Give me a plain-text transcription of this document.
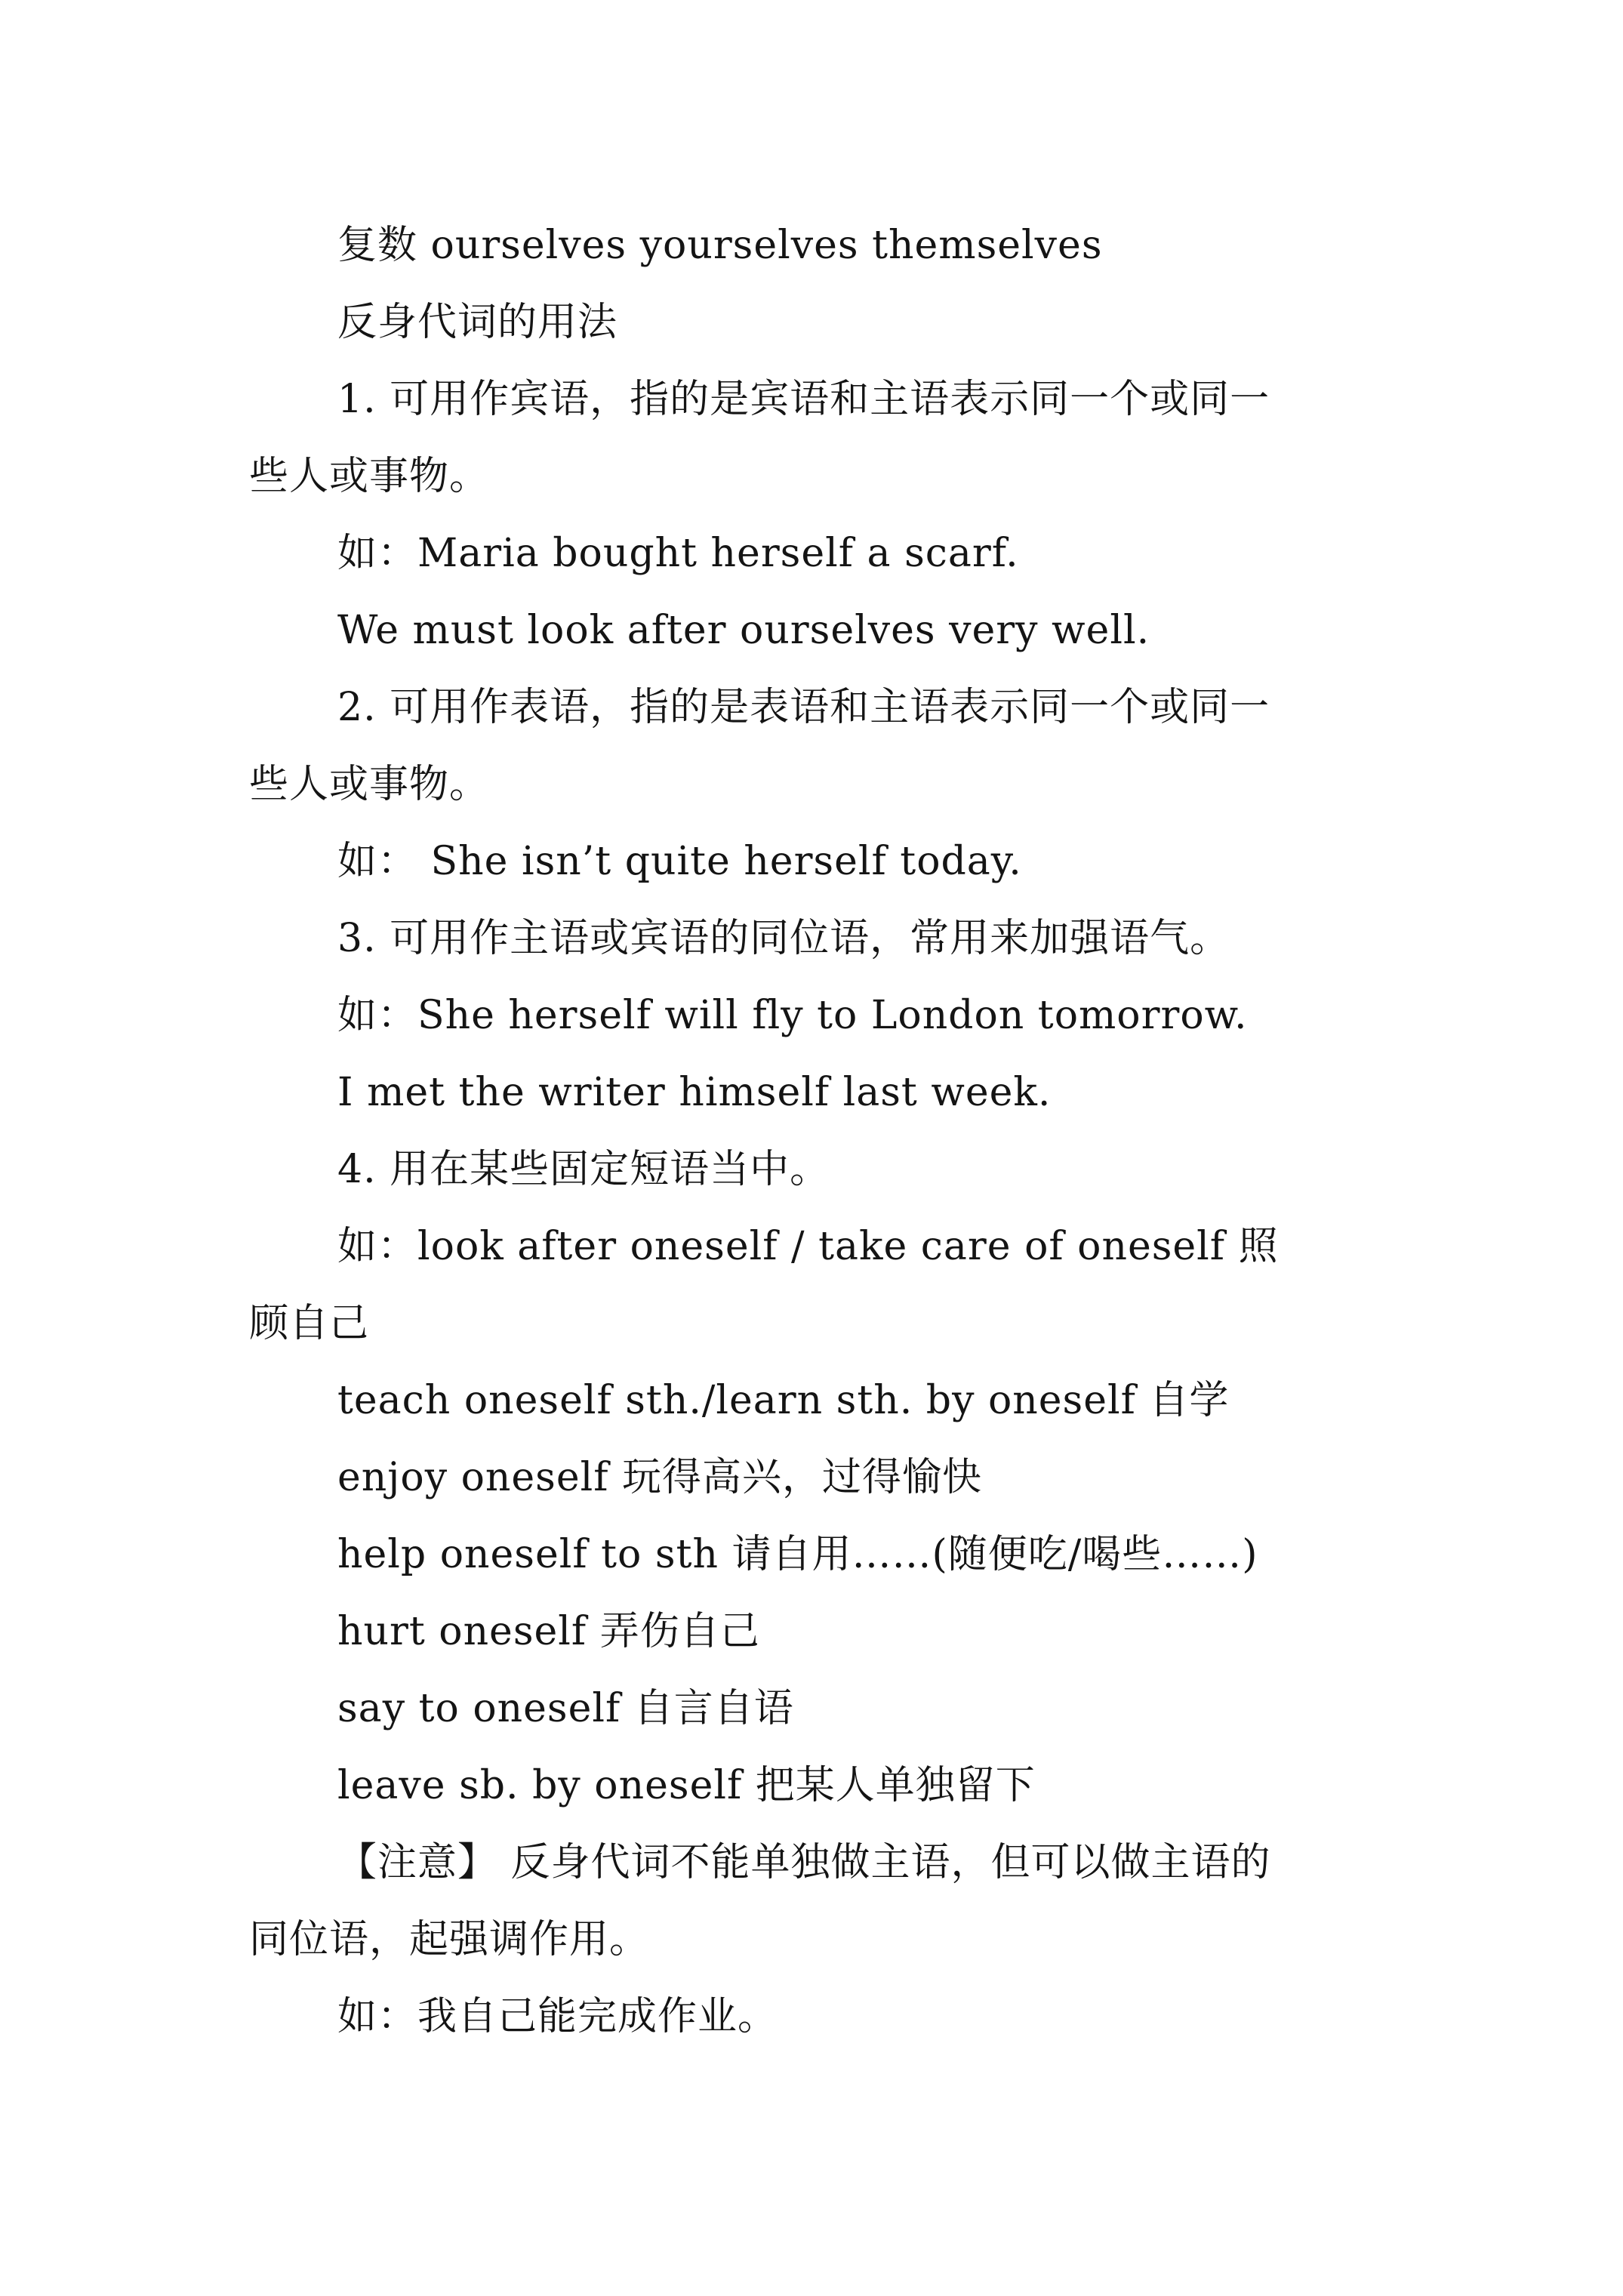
复数 ourselves yourselves themselves
反身代词的用法
1. 可用作宾语，指的是宾语和主语表示同一个或同一
些人或事物。
如：Maria bought herself a scarf.
We must look after ourselves very well.
2. 可用作表语，指的是表语和主语表示同一个或同一
些人或事物。
如： She isn’t quite herself today.
3. 可用作主语或宾语的同位语，常用来加强语气。
如：She herself will fly to London tomorrow.
I met the writer himself last week.
4. 用在某些固定短语当中。
如：look after oneself / take care of oneself 照
顾自己
teach oneself sth./learn sth. by oneself 自学
enjoy oneself 玩得高兴，过得愉快
help oneself to sth 请自用……(随便吃/喝些……)
hurt oneself 弄伤自己
say to oneself 自言自语
leave sb. by oneself 把某人单独留下
【注意】 反身代词不能单独做主语，但可以做主语的
同位语，起强调作用。
如：我自己能完成作业。
